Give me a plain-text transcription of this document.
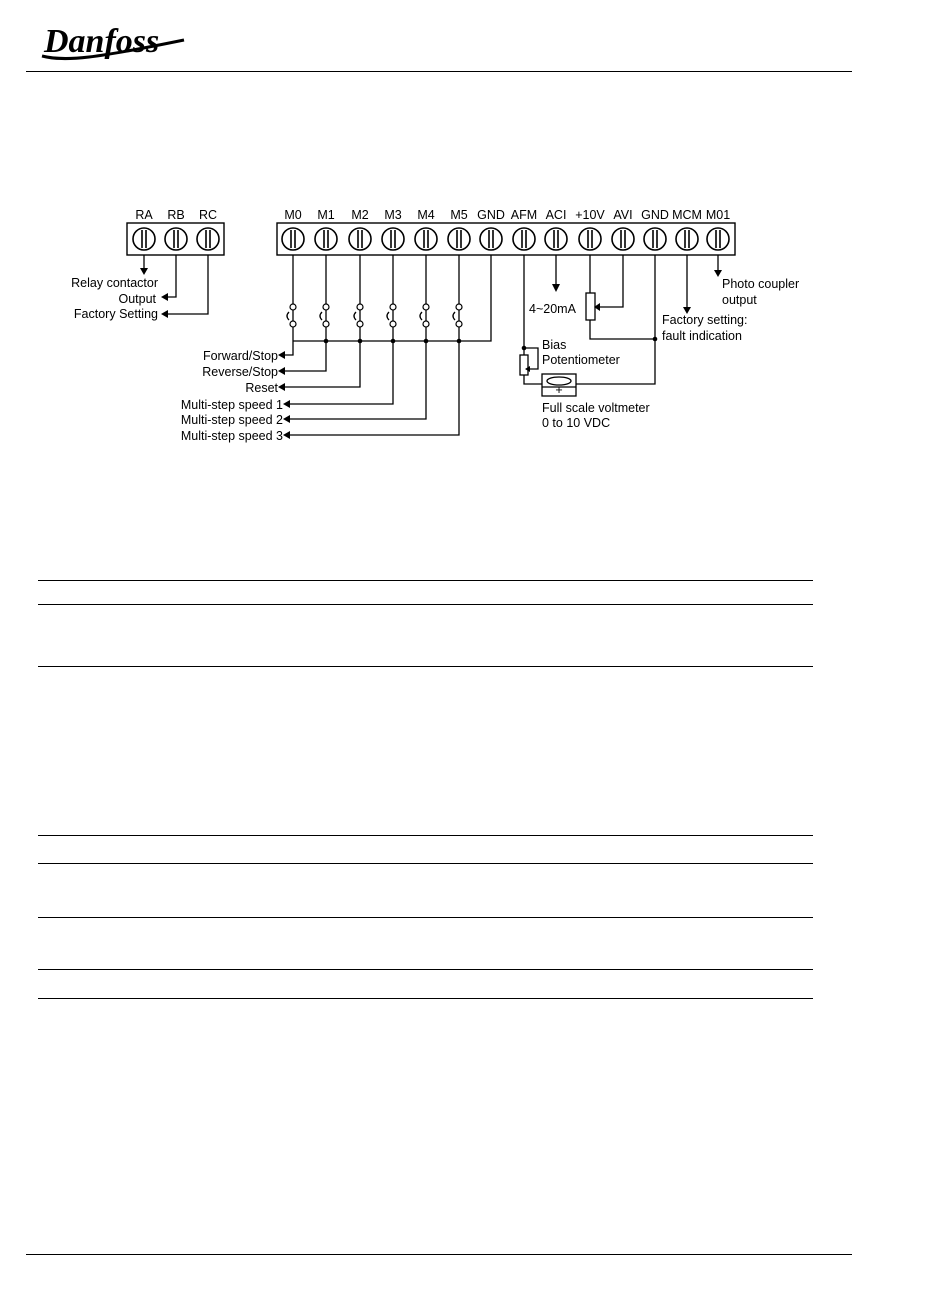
Danfoss
RA RB RC	M0 M1 M2 M3 M4 M5 GND AFM ACI +10V AVI GND MCM M01
+
Relay contactor
Output
Factory Setting
Forward/Stop
Reverse/Stop
Reset
Multi-step speed 1
Multi-step speed 2
Multi-step speed 3
4~20mA
Bias
Potentiometer
Full scale voltmeter
0 to 10 VDC
Photo coupler
output
Factory setting:
fault indication
